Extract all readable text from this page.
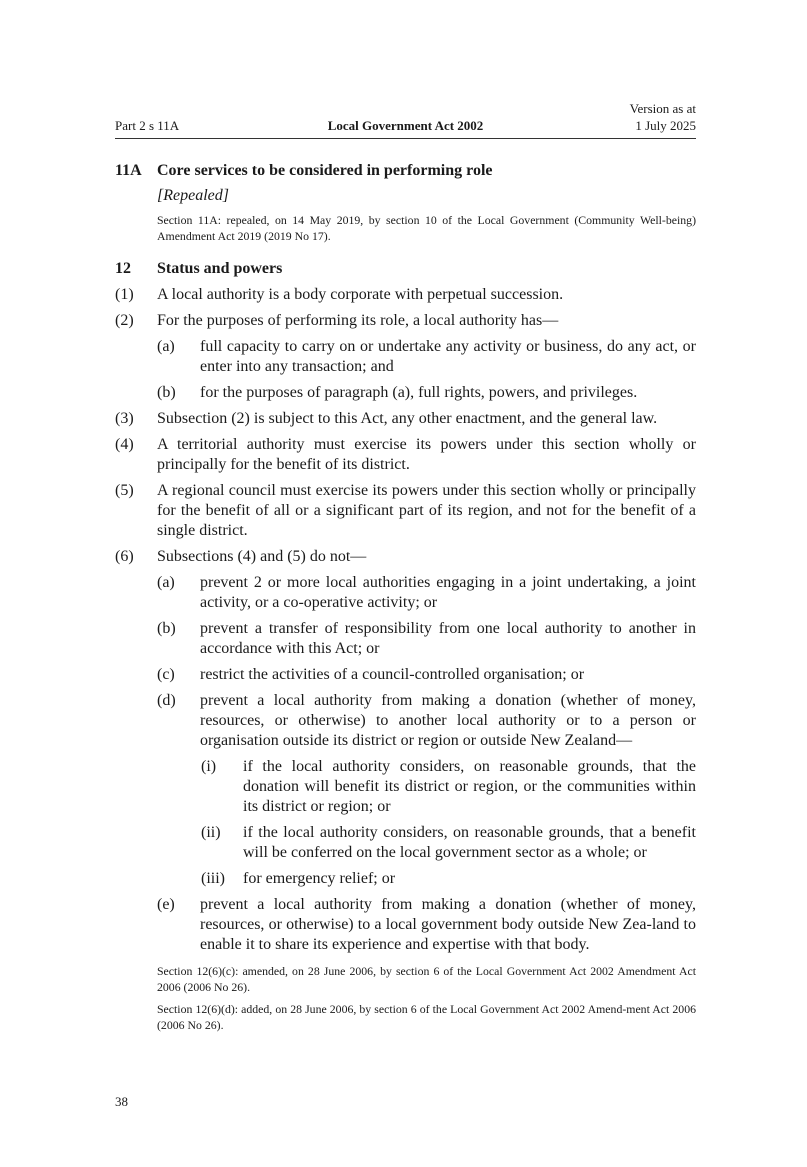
Part 2 s 11A	Local Government Act 2002
Version as at
1 July 2025
11A Core services to be considered in performing role
[Repealed]
Section 11A: repealed, on 14 May 2019, by section 10 of the Local Government (Community Well-being) Amendment Act 2019 (2019 No 17).
12 Status and powers
(1) A local authority is a body corporate with perpetual succession.
(2) For the purposes of performing its role, a local authority has—
(a) full capacity to carry on or undertake any activity or business, do any act, or enter into any transaction; and
(b) for the purposes of paragraph (a), full rights, powers, and privileges.
(3) Subsection (2) is subject to this Act, any other enactment, and the general law.
(4) A territorial authority must exercise its powers under this section wholly or principally for the benefit of its district.
(5) A regional council must exercise its powers under this section wholly or principally for the benefit of all or a significant part of its region, and not for the benefit of a single district.
(6) Subsections (4) and (5) do not—
(a) prevent 2 or more local authorities engaging in a joint undertaking, a joint activity, or a co-operative activity; or
(b) prevent a transfer of responsibility from one local authority to another in accordance with this Act; or
(c) restrict the activities of a council-controlled organisation; or
(d) prevent a local authority from making a donation (whether of money, resources, or otherwise) to another local authority or to a person or organisation outside its district or region or outside New Zealand—
(i) if the local authority considers, on reasonable grounds, that the donation will benefit its district or region, or the communities within its district or region; or
(ii) if the local authority considers, on reasonable grounds, that a benefit will be conferred on the local government sector as a whole; or
(iii) for emergency relief; or
(e) prevent a local authority from making a donation (whether of money, resources, or otherwise) to a local government body outside New Zea-land to enable it to share its experience and expertise with that body.
Section 12(6)(c): amended, on 28 June 2006, by section 6 of the Local Government Act 2002 Amendment Act 2006 (2006 No 26).
Section 12(6)(d): added, on 28 June 2006, by section 6 of the Local Government Act 2002 Amend-ment Act 2006 (2006 No 26).
38
